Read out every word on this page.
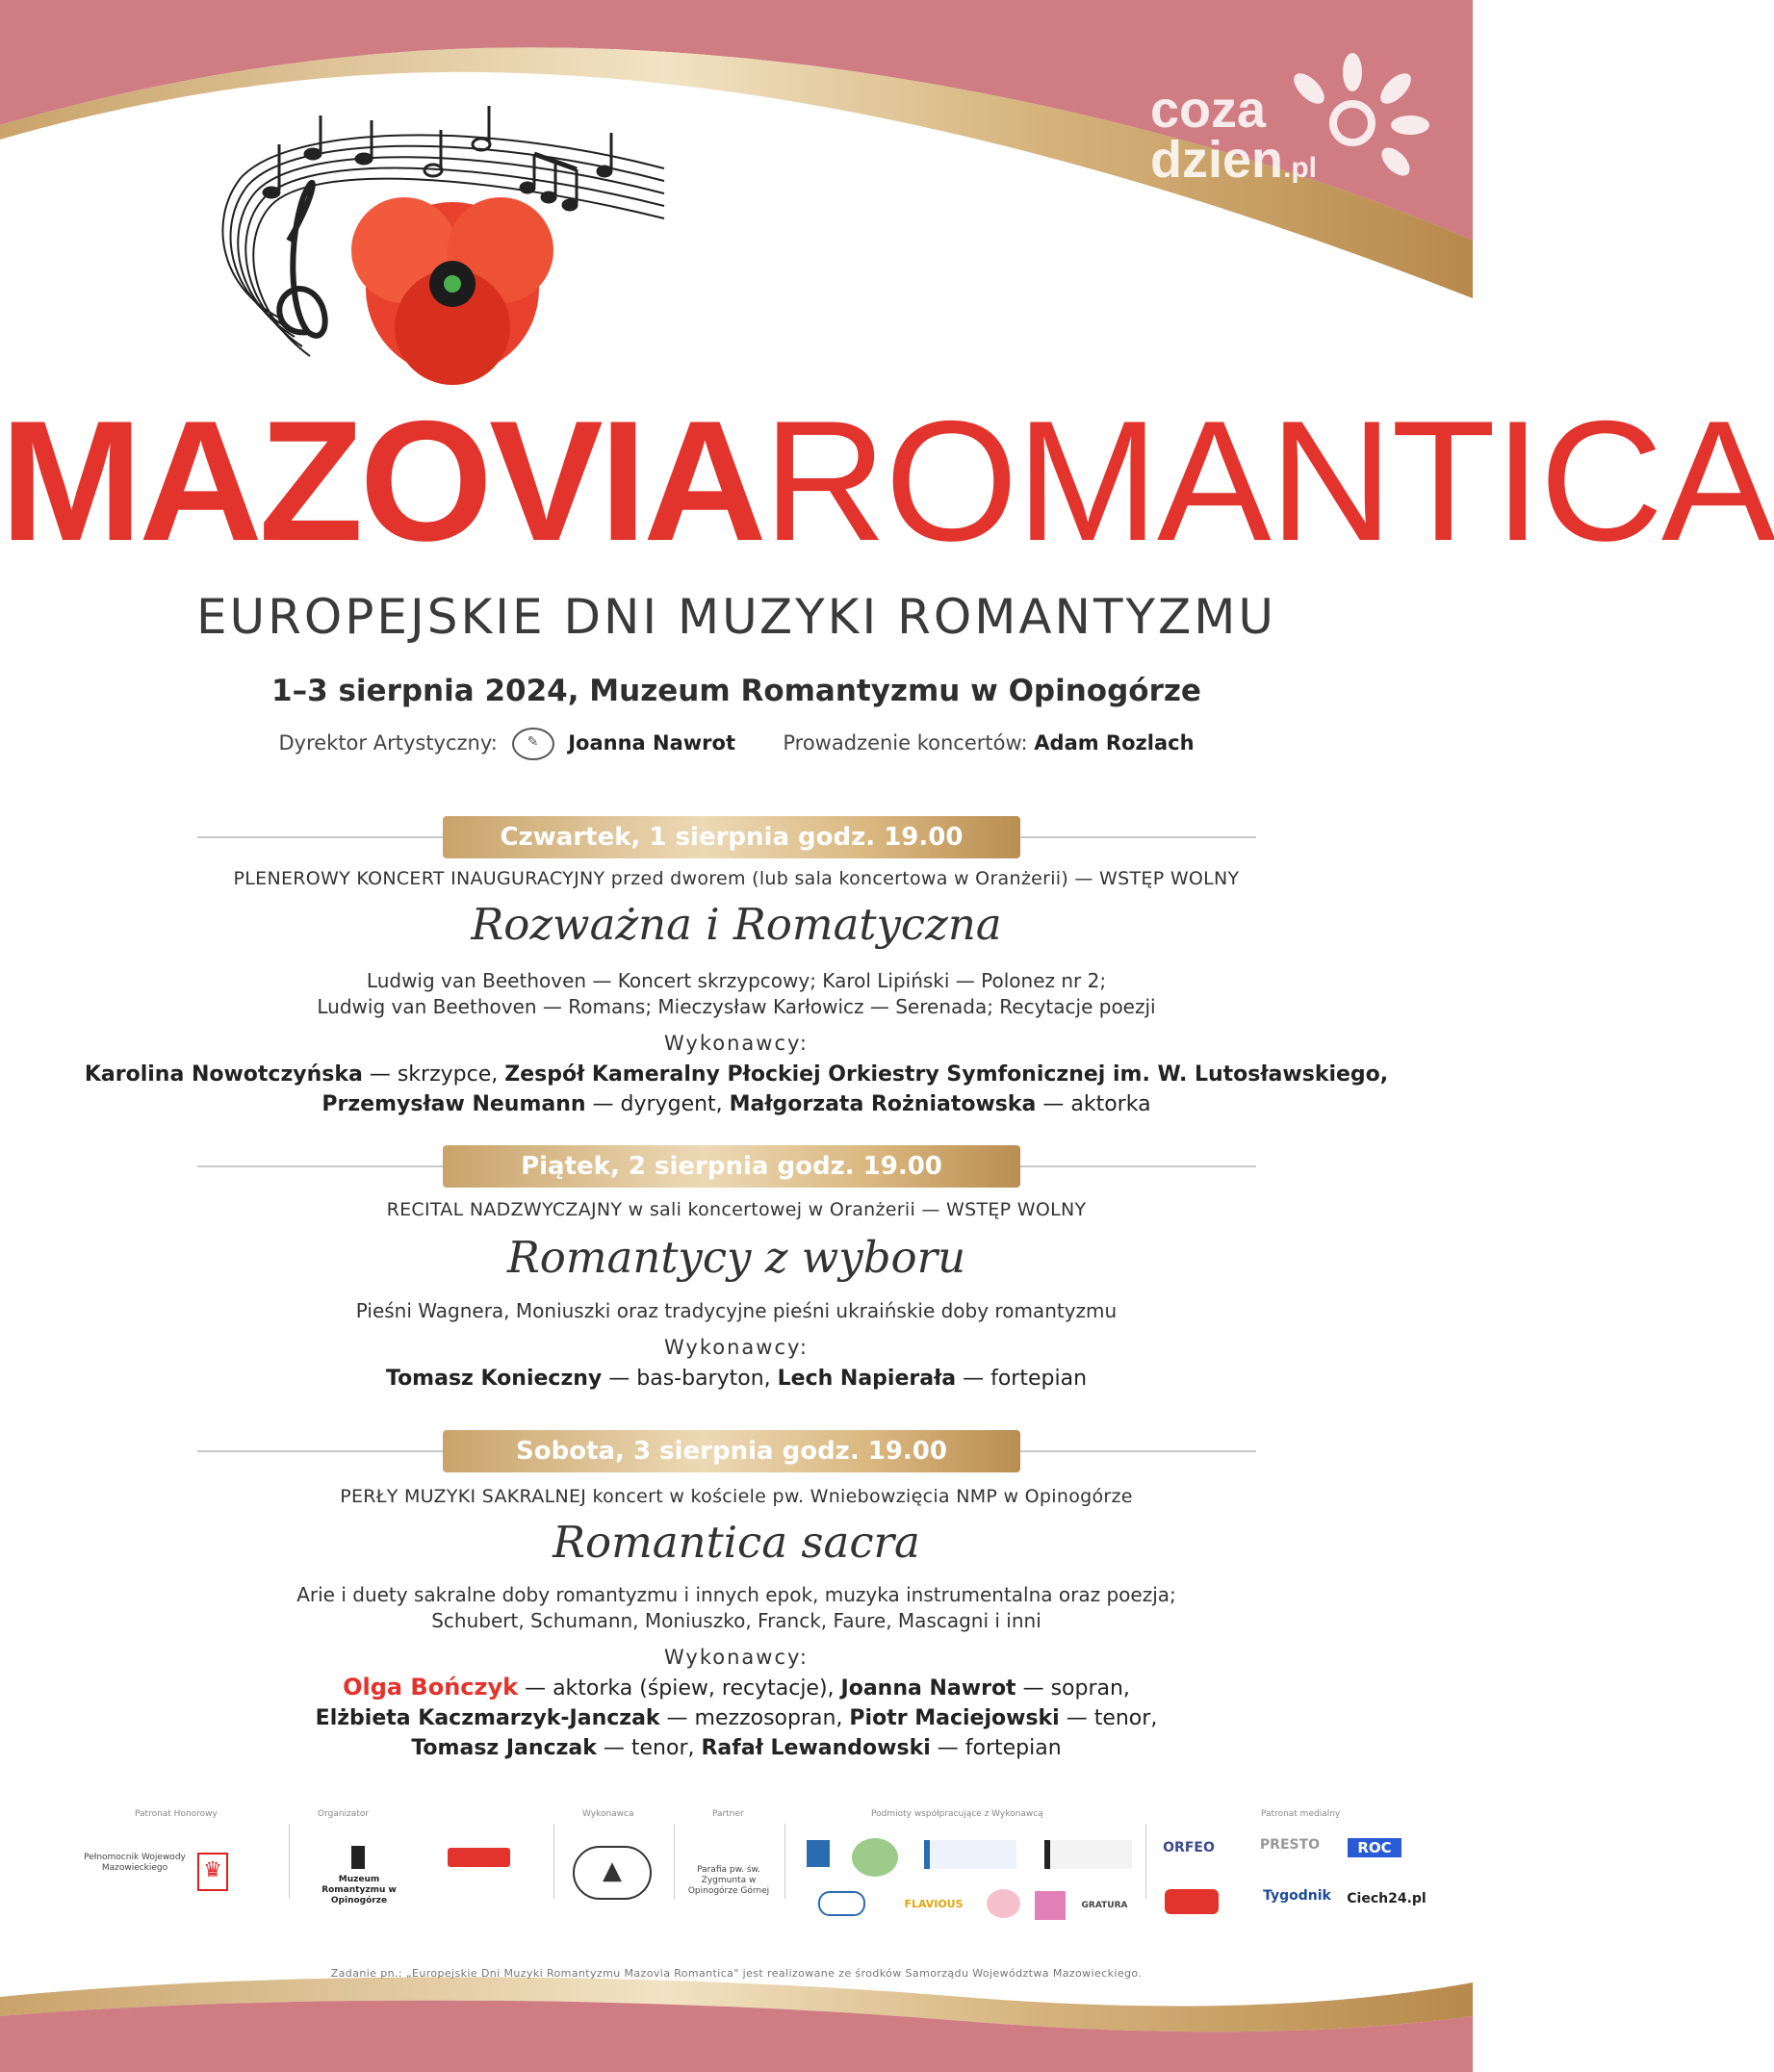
coza
dzien.pl
MAZOVIAROMANTICA
EUROPEJSKIE DNI MUZYKI ROMANTYZMU
1–3 sierpnia 2024, Muzeum Romantyzmu w Opinogórze
Dyrektor Artystyczny: ✎ Joanna Nawrot Prowadzenie koncertów: Adam Rozlach
Czwartek, 1 sierpnia godz. 19.00
PLENEROWY KONCERT INAUGURACYJNY przed dworem (lub sala koncertowa w Oranżerii) — WSTĘP WOLNY
Rozważna i Romatyczna
Ludwig van Beethoven — Koncert skrzypcowy; Karol Lipiński — Polonez nr 2;
Ludwig van Beethoven — Romans; Mieczysław Karłowicz — Serenada; Recytacje poezji
Wykonawcy:
Karolina Nowotczyńska — skrzypce, Zespół Kameralny Płockiej Orkiestry Symfonicznej im. W. Lutosławskiego,
Przemysław Neumann — dyrygent, Małgorzata Rożniatowska — aktorka
Piątek, 2 sierpnia godz. 19.00
RECITAL NADZWYCZAJNY w sali koncertowej w Oranżerii — WSTĘP WOLNY
Romantycy z wyboru
Pieśni Wagnera, Moniuszki oraz tradycyjne pieśni ukraińskie doby romantyzmu
Wykonawcy:
Tomasz Konieczny — bas-baryton, Lech Napierała — fortepian
Sobota, 3 sierpnia godz. 19.00
PERŁY MUZYKI SAKRALNEJ koncert w kościele pw. Wniebowzięcia NMP w Opinogórze
Romantica sacra
Arie i duety sakralne doby romantyzmu i innych epok, muzyka instrumentalna oraz poezja;
Schubert, Schumann, Moniuszko, Franck, Faure, Mascagni i inni
Wykonawcy:
Olga Bończyk — aktorka (śpiew, recytacje), Joanna Nawrot — sopran,
Elżbieta Kaczmarzyk-Janczak — mezzosopran, Piotr Maciejowski — tenor,
Tomasz Janczak — tenor, Rafał Lewandowski — fortepian
Patronat Honorowy	Organizator	Wykonawca	Partner	Podmioty współpracujące z Wykonawcą	Patronat medialny
Pełnomocnik Wojewody Mazowieckiego	♛	Muzeum Romantyzmu w Opinogórze
▲	Parafia pw. św. Zygmunta w Opinogórze Górnej
FLAVIOUS	GRATURA
ORFEO	PRESTO	ROC
Tygodnik Ciech24.pl
Zadanie pn.: „Europejskie Dni Muzyki Romantyzmu Mazovia Romantica" jest realizowane ze środków Samorządu Województwa Mazowieckiego.
